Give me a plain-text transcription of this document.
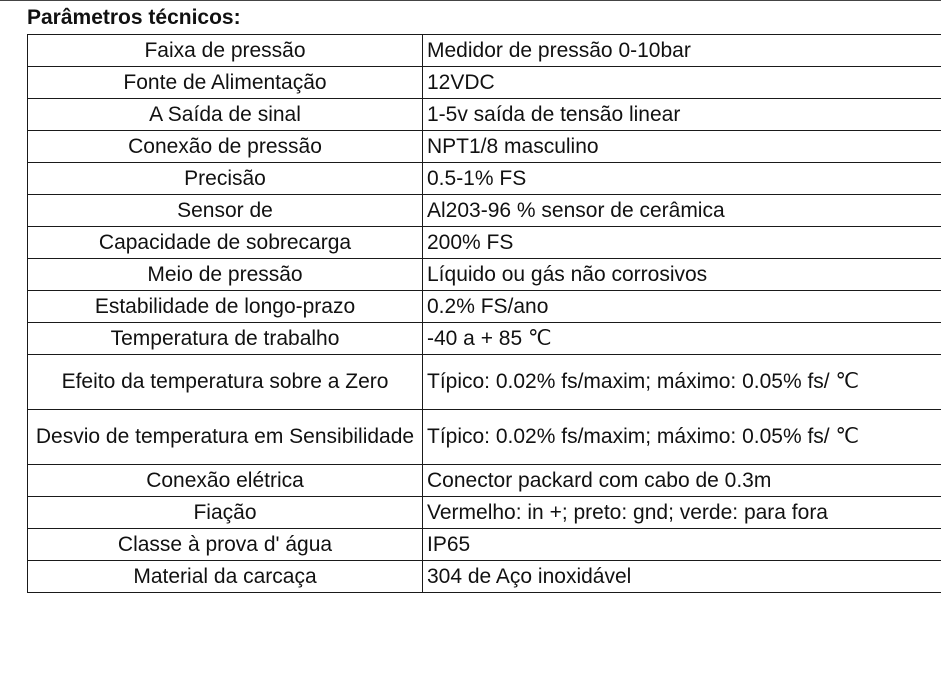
Parâmetros técnicos:
Faixa de pressão	Medidor de pressão 0-10bar
Fonte de Alimentação	12VDC
A Saída de sinal	1-5v saída de tensão linear
Conexão de pressão	NPT1/8 masculino
Precisão	0.5-1% FS
Sensor de	Al203-96 % sensor de cerâmica
Capacidade de sobrecarga	200% FS
Meio de pressão	Líquido ou gás não corrosivos
Estabilidade de longo-prazo	0.2% FS/ano
Temperatura de trabalho	-40 a + 85 ℃
Efeito da temperatura sobre a Zero	Típico: 0.02% fs/maxim; máximo: 0.05% fs/ ℃
Desvio de temperatura em Sensibilidade	Típico: 0.02% fs/maxim; máximo: 0.05% fs/ ℃
Conexão elétrica	Conector packard com cabo de 0.3m
Fiação	Vermelho: in +; preto: gnd; verde: para fora
Classe à prova d' água	IP65
Material da carcaça	304 de Aço inoxidável
